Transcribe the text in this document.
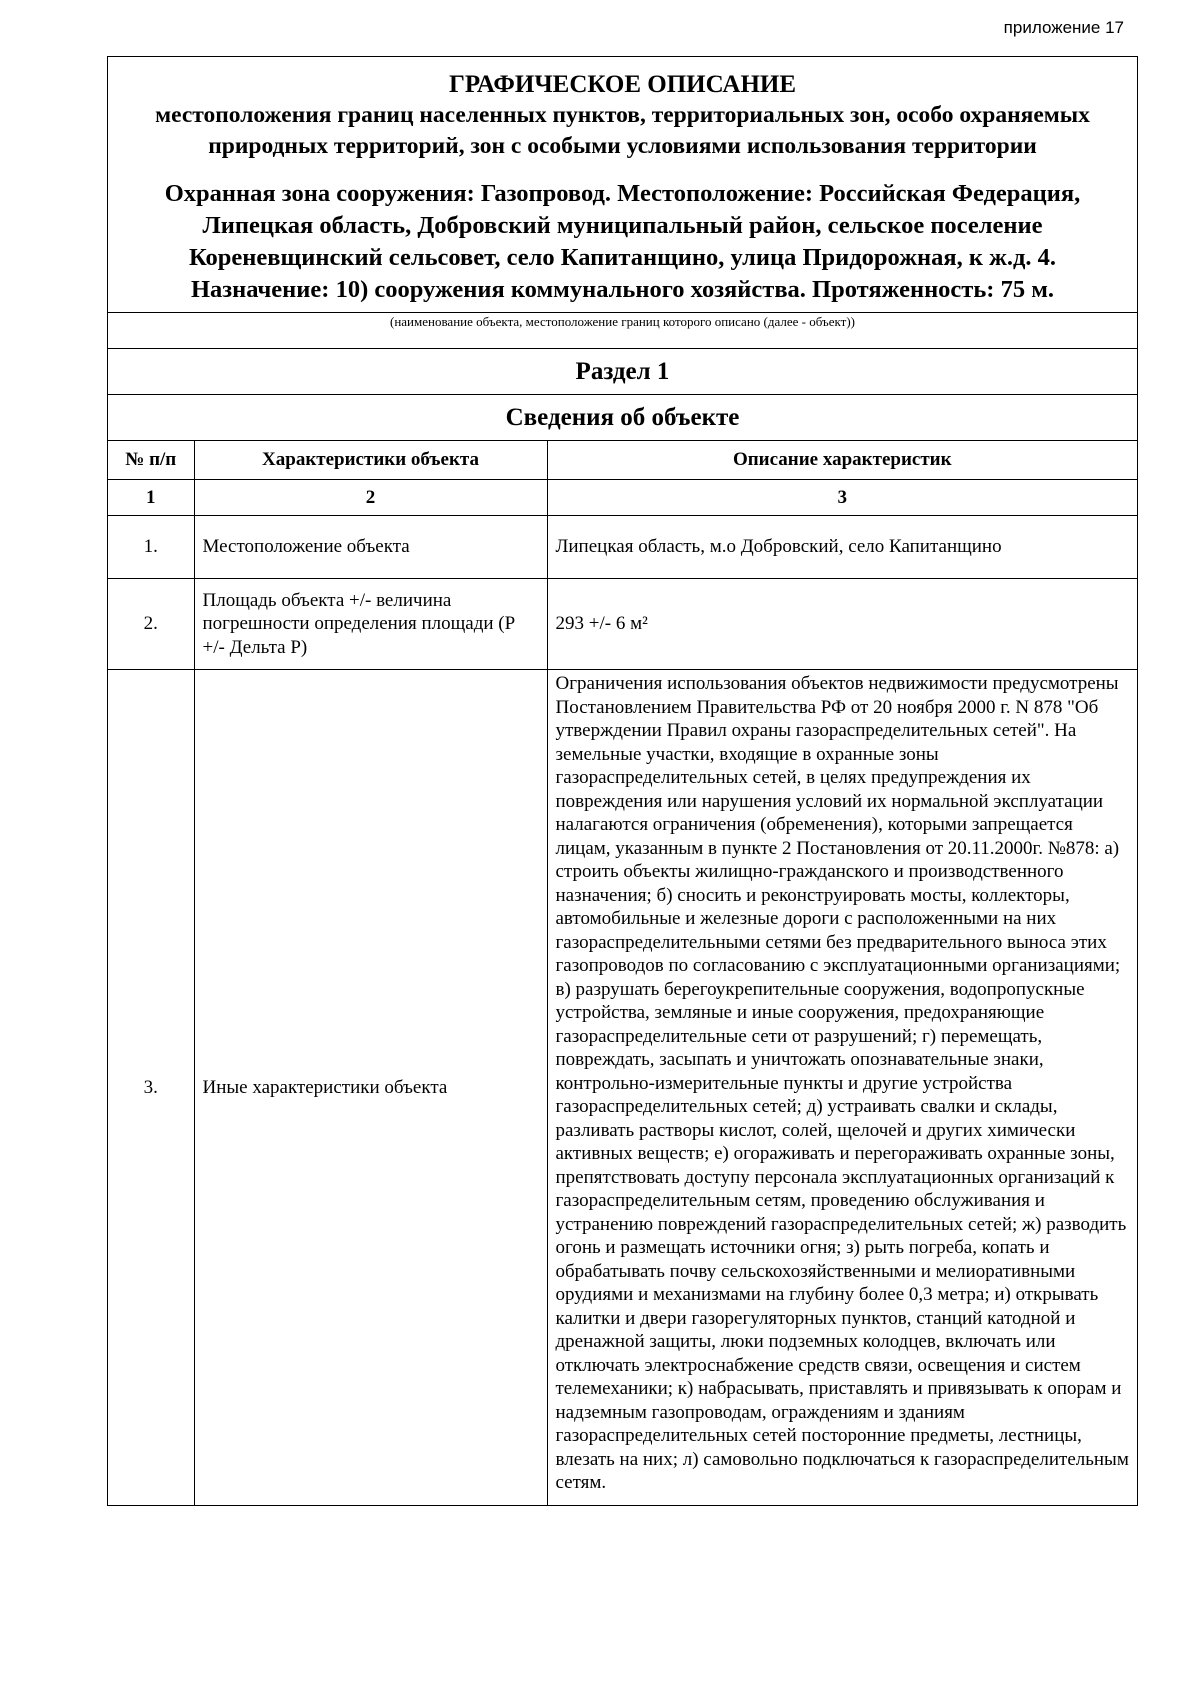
приложение 17
ГРАФИЧЕСКОЕ ОПИСАНИЕ
местоположения границ населенных пунктов, территориальных зон, особо охраняемых природных территорий, зон с особыми условиями использования территории
Охранная зона сооружения: Газопровод. Местоположение: Российская Федерация, Липецкая область, Добровский муниципальный район, сельское поселение Кореневщинский сельсовет, село Капитанщино, улица Придорожная, к ж.д. 4. Назначение: 10) сооружения коммунального хозяйства. Протяженность: 75 м.
(наименование объекта, местоположение границ которого описано (далее - объект))
Раздел 1
Сведения об объекте
№ п/п	Характеристики объекта	Описание характеристик
1	2	3
1.	Местоположение объекта	Липецкая область, м.о Добровский, село Капитанщино
2.	Площадь объекта +/- величина погрешности определения площади (P +/- Дельта P)	293 +/- 6 м²
3.	Иные характеристики объекта	Ограничения использования объектов недвижимости предусмотрены Постановлением Правительства РФ от 20 ноября 2000 г. N 878 "Об утверждении Правил охраны газораспределительных сетей". На земельные участки, входящие в охранные зоны газораспределительных сетей, в целях предупреждения их повреждения или нарушения условий их нормальной эксплуатации налагаются ограничения (обременения), которыми запрещается лицам, указанным в пункте 2 Постановления от 20.11.2000г. №878: а) строить объекты жилищно-гражданского и производственного назначения; б) сносить и реконструировать мосты, коллекторы, автомобильные и железные дороги с расположенными на них газораспределительными сетями без предварительного выноса этих газопроводов по согласованию с эксплуатационными организациями; в) разрушать берегоукрепительные сооружения, водопропускные устройства, земляные и иные сооружения, предохраняющие газораспределительные сети от разрушений; г) перемещать, повреждать, засыпать и уничтожать опознавательные знаки, контрольно-измерительные пункты и другие устройства газораспределительных сетей; д) устраивать свалки и склады, разливать растворы кислот, солей, щелочей и других химически активных веществ; е) огораживать и перегораживать охранные зоны, препятствовать доступу персонала эксплуатационных организаций к газораспределительным сетям, проведению обслуживания и устранению повреждений газораспределительных сетей; ж) разводить огонь и размещать источники огня; з) рыть погреба, копать и обрабатывать почву сельскохозяйственными и мелиоративными орудиями и механизмами на глубину более 0,3 метра; и) открывать калитки и двери газорегуляторных пунктов, станций катодной и дренажной защиты, люки подземных колодцев, включать или отключать электроснабжение средств связи, освещения и систем телемеханики; к) набрасывать, приставлять и привязывать к опорам и надземным газопроводам, ограждениям и зданиям газораспределительных сетей посторонние предметы, лестницы, влезать на них; л) самовольно подключаться к газораспределительным сетям.
